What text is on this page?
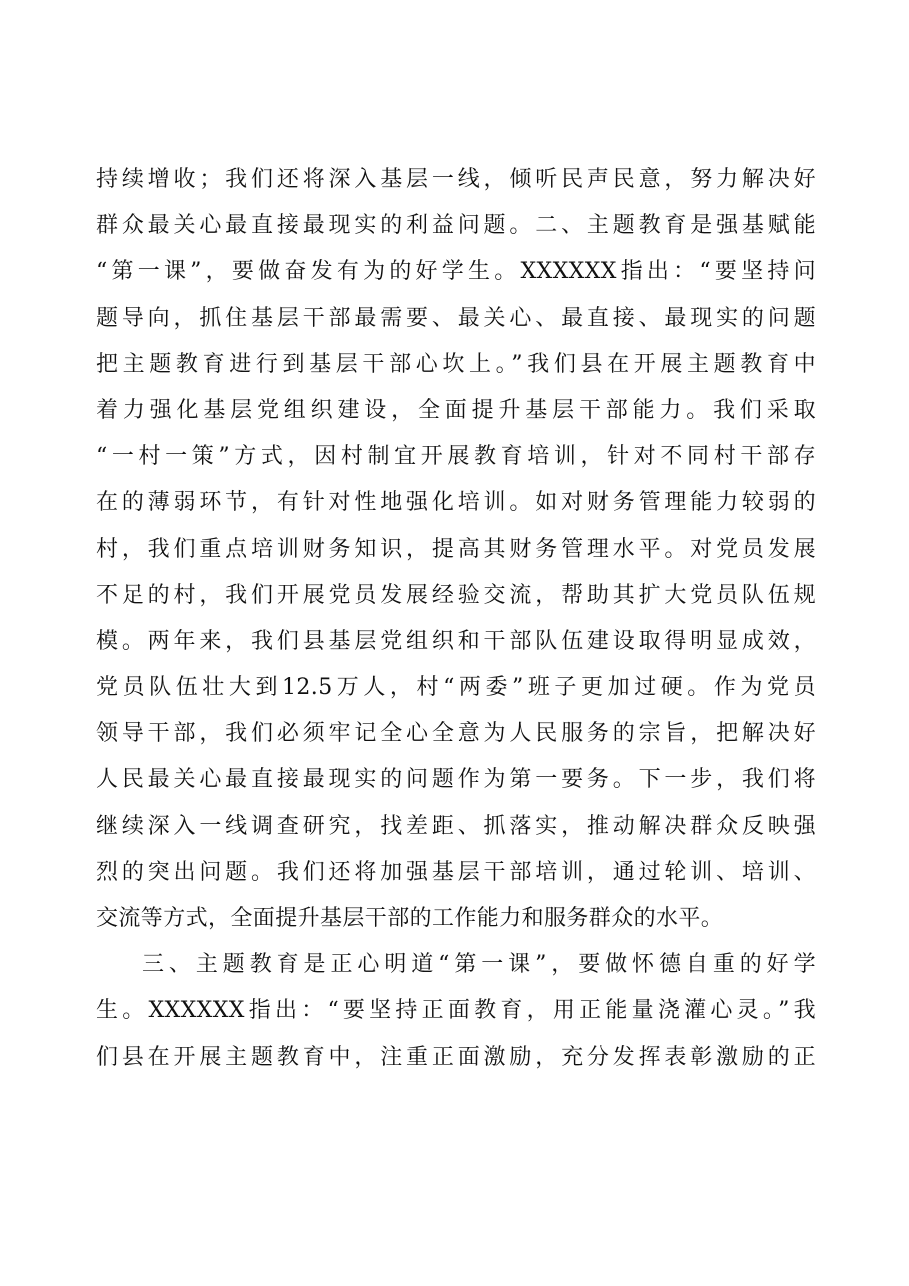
持续增收；我们还将深入基层一线，倾听民声民意，努力解决好
群众最关心最直接最现实的利益问题。二、主题教育是强基赋能
“第一课”，要做奋发有为的好学生。XXXXXX指出：“要坚持问
题导向，抓住基层干部最需要、最关心、最直接、最现实的问题
把主题教育进行到基层干部心坎上。”我们县在开展主题教育中
着力强化基层党组织建设，全面提升基层干部能力。我们采取
“一村一策”方式，因村制宜开展教育培训，针对不同村干部存
在的薄弱环节，有针对性地强化培训。如对财务管理能力较弱的
村，我们重点培训财务知识，提高其财务管理水平。对党员发展
不足的村，我们开展党员发展经验交流，帮助其扩大党员队伍规
模。两年来，我们县基层党组织和干部队伍建设取得明显成效，
党员队伍壮大到12.5万人，村“两委”班子更加过硬。作为党员
领导干部，我们必须牢记全心全意为人民服务的宗旨，把解决好
人民最关心最直接最现实的问题作为第一要务。下一步，我们将
继续深入一线调查研究，找差距、抓落实，推动解决群众反映强
烈的突出问题。我们还将加强基层干部培训，通过轮训、培训、
交流等方式，全面提升基层干部的工作能力和服务群众的水平。
三、主题教育是正心明道“第一课”，要做怀德自重的好学
生。XXXXXX指出：“要坚持正面教育，用正能量浇灌心灵。”我
们县在开展主题教育中，注重正面激励，充分发挥表彰激励的正
